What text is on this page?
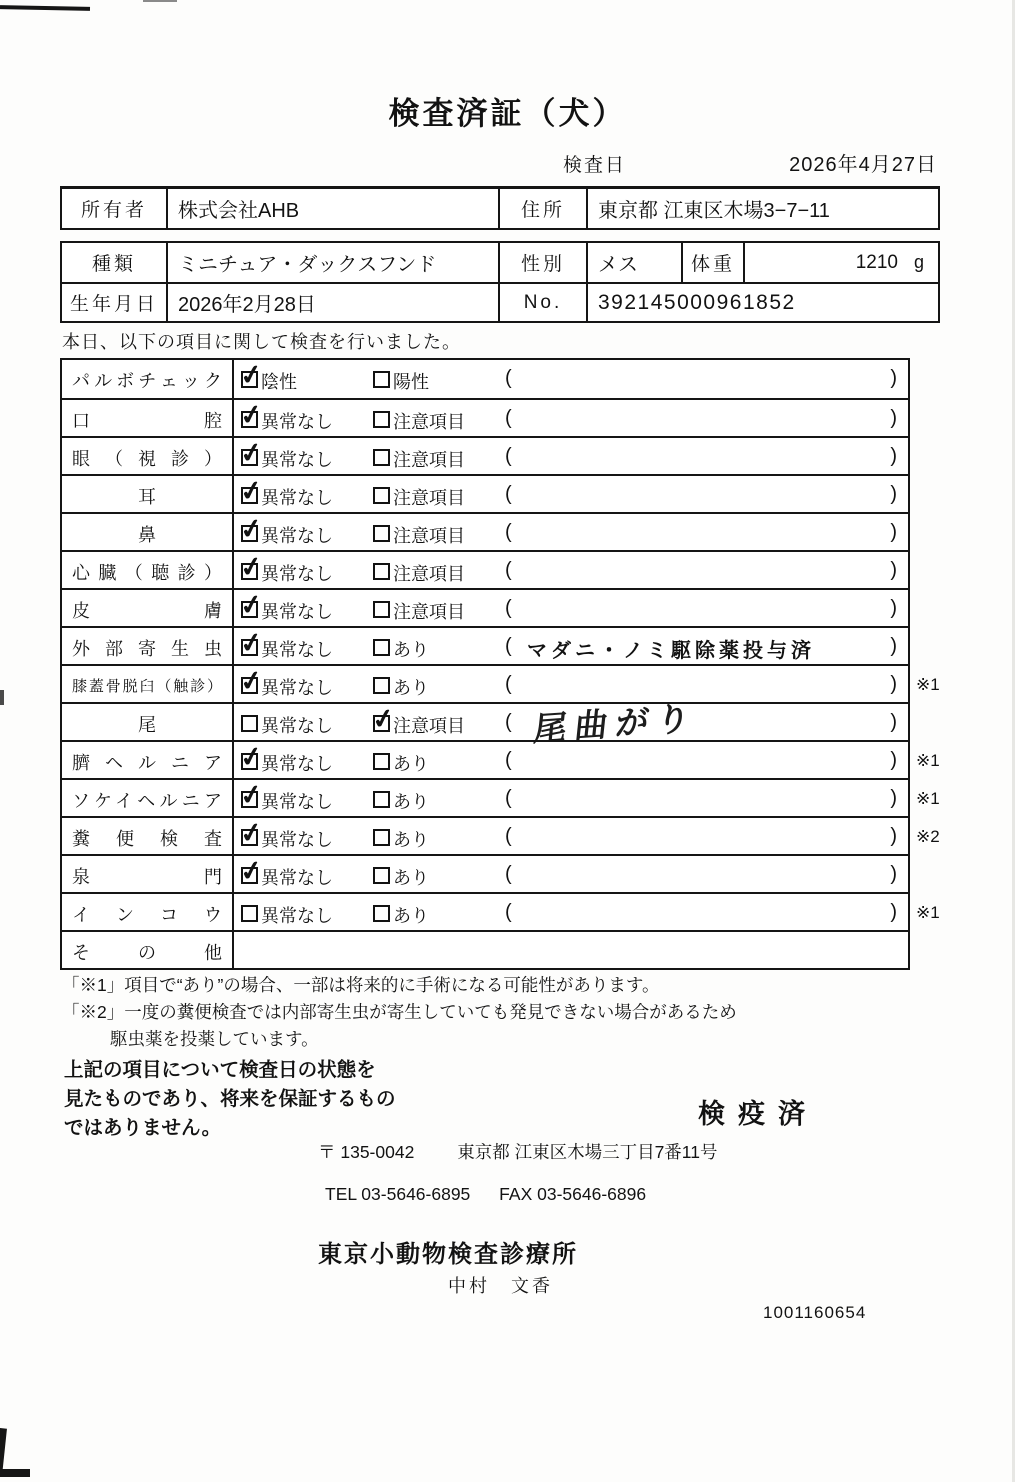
検査済証（犬）
検査日	2026年4月27日
所有者	株式会社AHB	住所	東京都 江東区木場3−7−11
種類	ミニチュア・ダックスフンド	性別	メス	体重	1210 g
生年月日	2026年2月28日	No.	392145000961852
本日、以下の項目に関して検査を行いました。
パルボチェック ✓	陰性	陽性	(	)
口腔 ✓	異常なし	注意項目 (	)
眼（視診） ✓	異常なし	注意項目 (	)
耳 ✓	異常なし	注意項目 (	)
鼻 ✓	異常なし	注意項目 (	)
心臓（聴診） ✓	異常なし	注意項目 (	)
皮膚 ✓	異常なし	注意項目 (	)
外部寄生虫 ✓	異常なし	あり	( マダニ・ノミ駆除薬投与済	)
膝蓋骨脱臼（触診） ✓	異常なし	あり	(	) ※1
尾	異常なし ✓	注意項目 ( 尾曲がり	)
臍ヘルニア ✓	異常なし	あり	(	) ※1
ソケイヘルニア ✓	異常なし	あり	(	) ※1
糞便検査 ✓	異常なし	あり	(	) ※2
泉門 ✓	異常なし	あり	(	)
インコウ	異常なし	あり	(	) ※1
その他
「※1」項目で“あり”の場合、一部は将来的に手術になる可能性があります。
「※2」一度の糞便検査では内部寄生虫が寄生していても発見できない場合があるため
駆虫薬を投薬しています。
上記の項目について検査日の状態を
見たものであり、将来を保証するもの
ではありません。	検疫済
〒 135-0042 東京都 江東区木場三丁目7番11号
TEL 03-5646-6895 FAX 03-5646-6896
東京小動物検査診療所
中村　文香
1001160654
